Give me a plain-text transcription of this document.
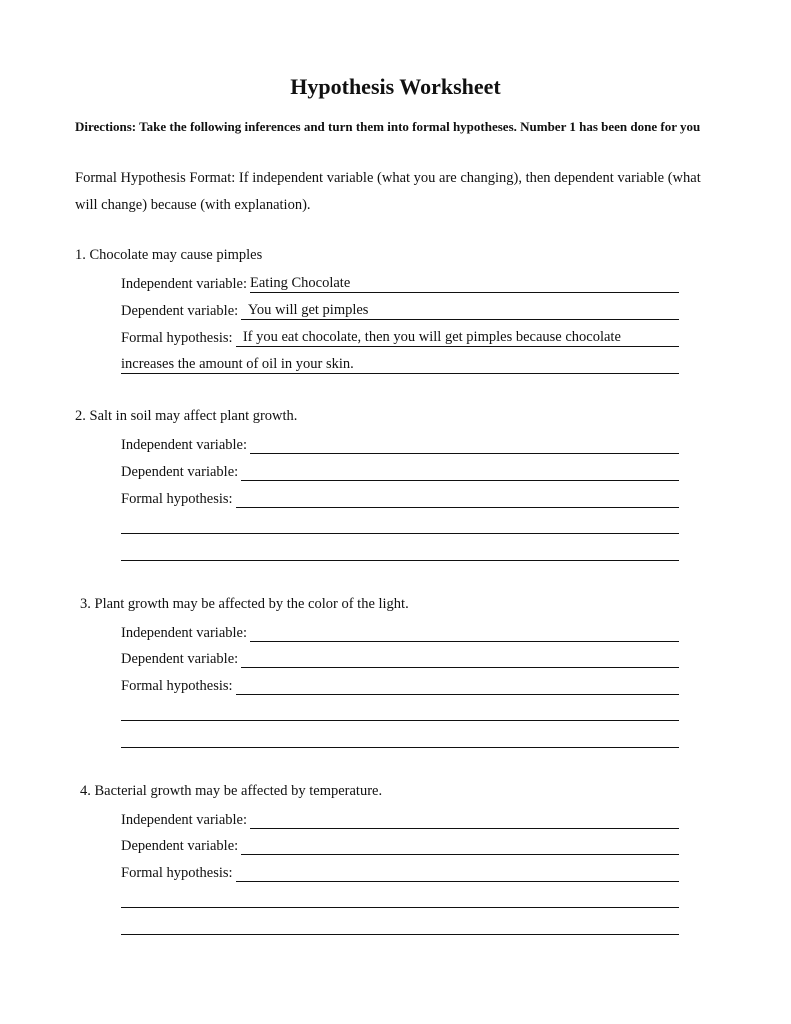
Hypothesis Worksheet
Directions: Take the following inferences and turn them into formal hypotheses. Number 1 has been done for you
Formal Hypothesis Format: If independent variable (what you are changing), then dependent variable (what will change) because (with explanation).
1. Chocolate may cause pimples
Independent variable: Eating Chocolate
Dependent variable: You will get pimples
Formal hypothesis: If you eat chocolate, then you will get pimples because chocolate
increases the amount of oil in your skin.
2. Salt in soil may affect plant growth.
Independent variable:
Dependent variable:
Formal hypothesis:
3. Plant growth may be affected by the color of the light.
Independent variable:
Dependent variable:
Formal hypothesis:
4. Bacterial growth may be affected by temperature.
Independent variable:
Dependent variable:
Formal hypothesis:
